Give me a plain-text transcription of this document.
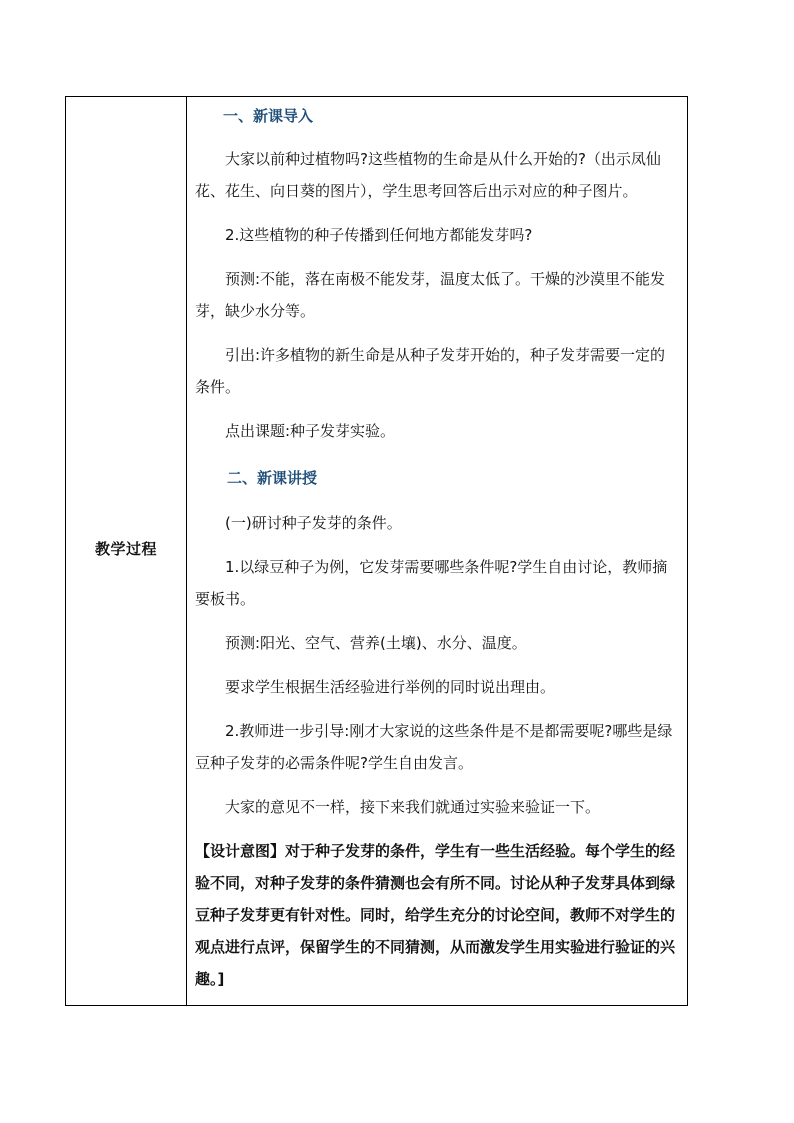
教学过程
一、新课导入
大家以前种过植物吗?这些植物的生命是从什么开始的?（出示凤仙花、花生、向日葵的图片），学生思考回答后出示对应的种子图片。
2.这些植物的种子传播到任何地方都能发芽吗?
预测:不能，落在南极不能发芽，温度太低了。干燥的沙漠里不能发芽，缺少水分等。
引出:许多植物的新生命是从种子发芽开始的，种子发芽需要一定的条件。
点出课题:种子发芽实验。
二、新课讲授
(一)研讨种子发芽的条件。
1.以绿豆种子为例，它发芽需要哪些条件呢?学生自由讨论，教师摘要板书。
预测:阳光、空气、营养(土壤)、水分、温度。
要求学生根据生活经验进行举例的同时说出理由。
2.教师进一步引导:刚才大家说的这些条件是不是都需要呢?哪些是绿豆种子发芽的必需条件呢?学生自由发言。
大家的意见不一样，接下来我们就通过实验来验证一下。
【设计意图】对于种子发芽的条件，学生有一些生活经验。每个学生的经验不同，对种子发芽的条件猜测也会有所不同。讨论从种子发芽具体到绿豆种子发芽更有针对性。同时，给学生充分的讨论空间，教师不对学生的观点进行点评，保留学生的不同猜测，从而激发学生用实验进行验证的兴趣。]
